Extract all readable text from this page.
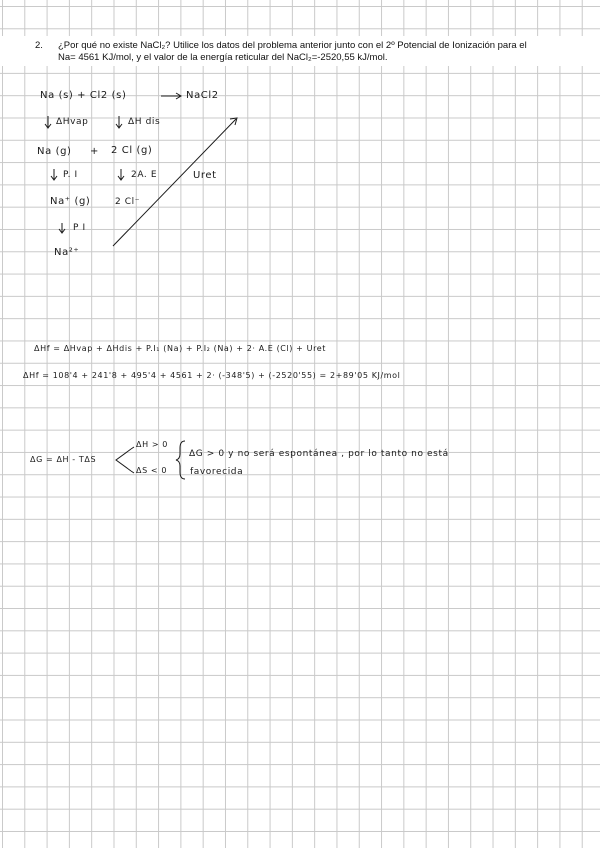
2. ¿Por qué no existe NaCl₂? Utilice los datos del problema anterior junto con el 2º Potencial de Ionización para el
Na= 4561 KJ/mol, y el valor de la energía reticular del NaCl₂=-2520,55 kJ/mol.
Na (s) + Cl2 (s)	NaCl2
ΔHvap	ΔH dis
Na (g) + 2 Cl (g)
P. I	2A. E	Uret
Na⁺ (g)	2 Cl⁻
P I
Na²⁺
ΔHf = ΔHvap + ΔHdis + P.I₁ (Na) + P.I₂ (Na) + 2· A.E (Cl) + Uret
ΔHf = 108'4 + 241'8 + 495'4 + 4561 + 2· (-348'5) + (-2520'55) = 2+89'05 KJ/mol
ΔG = ΔH - TΔS
ΔH > 0
ΔS < 0
ΔG > 0 y no será espontánea , por lo tanto no está
favorecida
